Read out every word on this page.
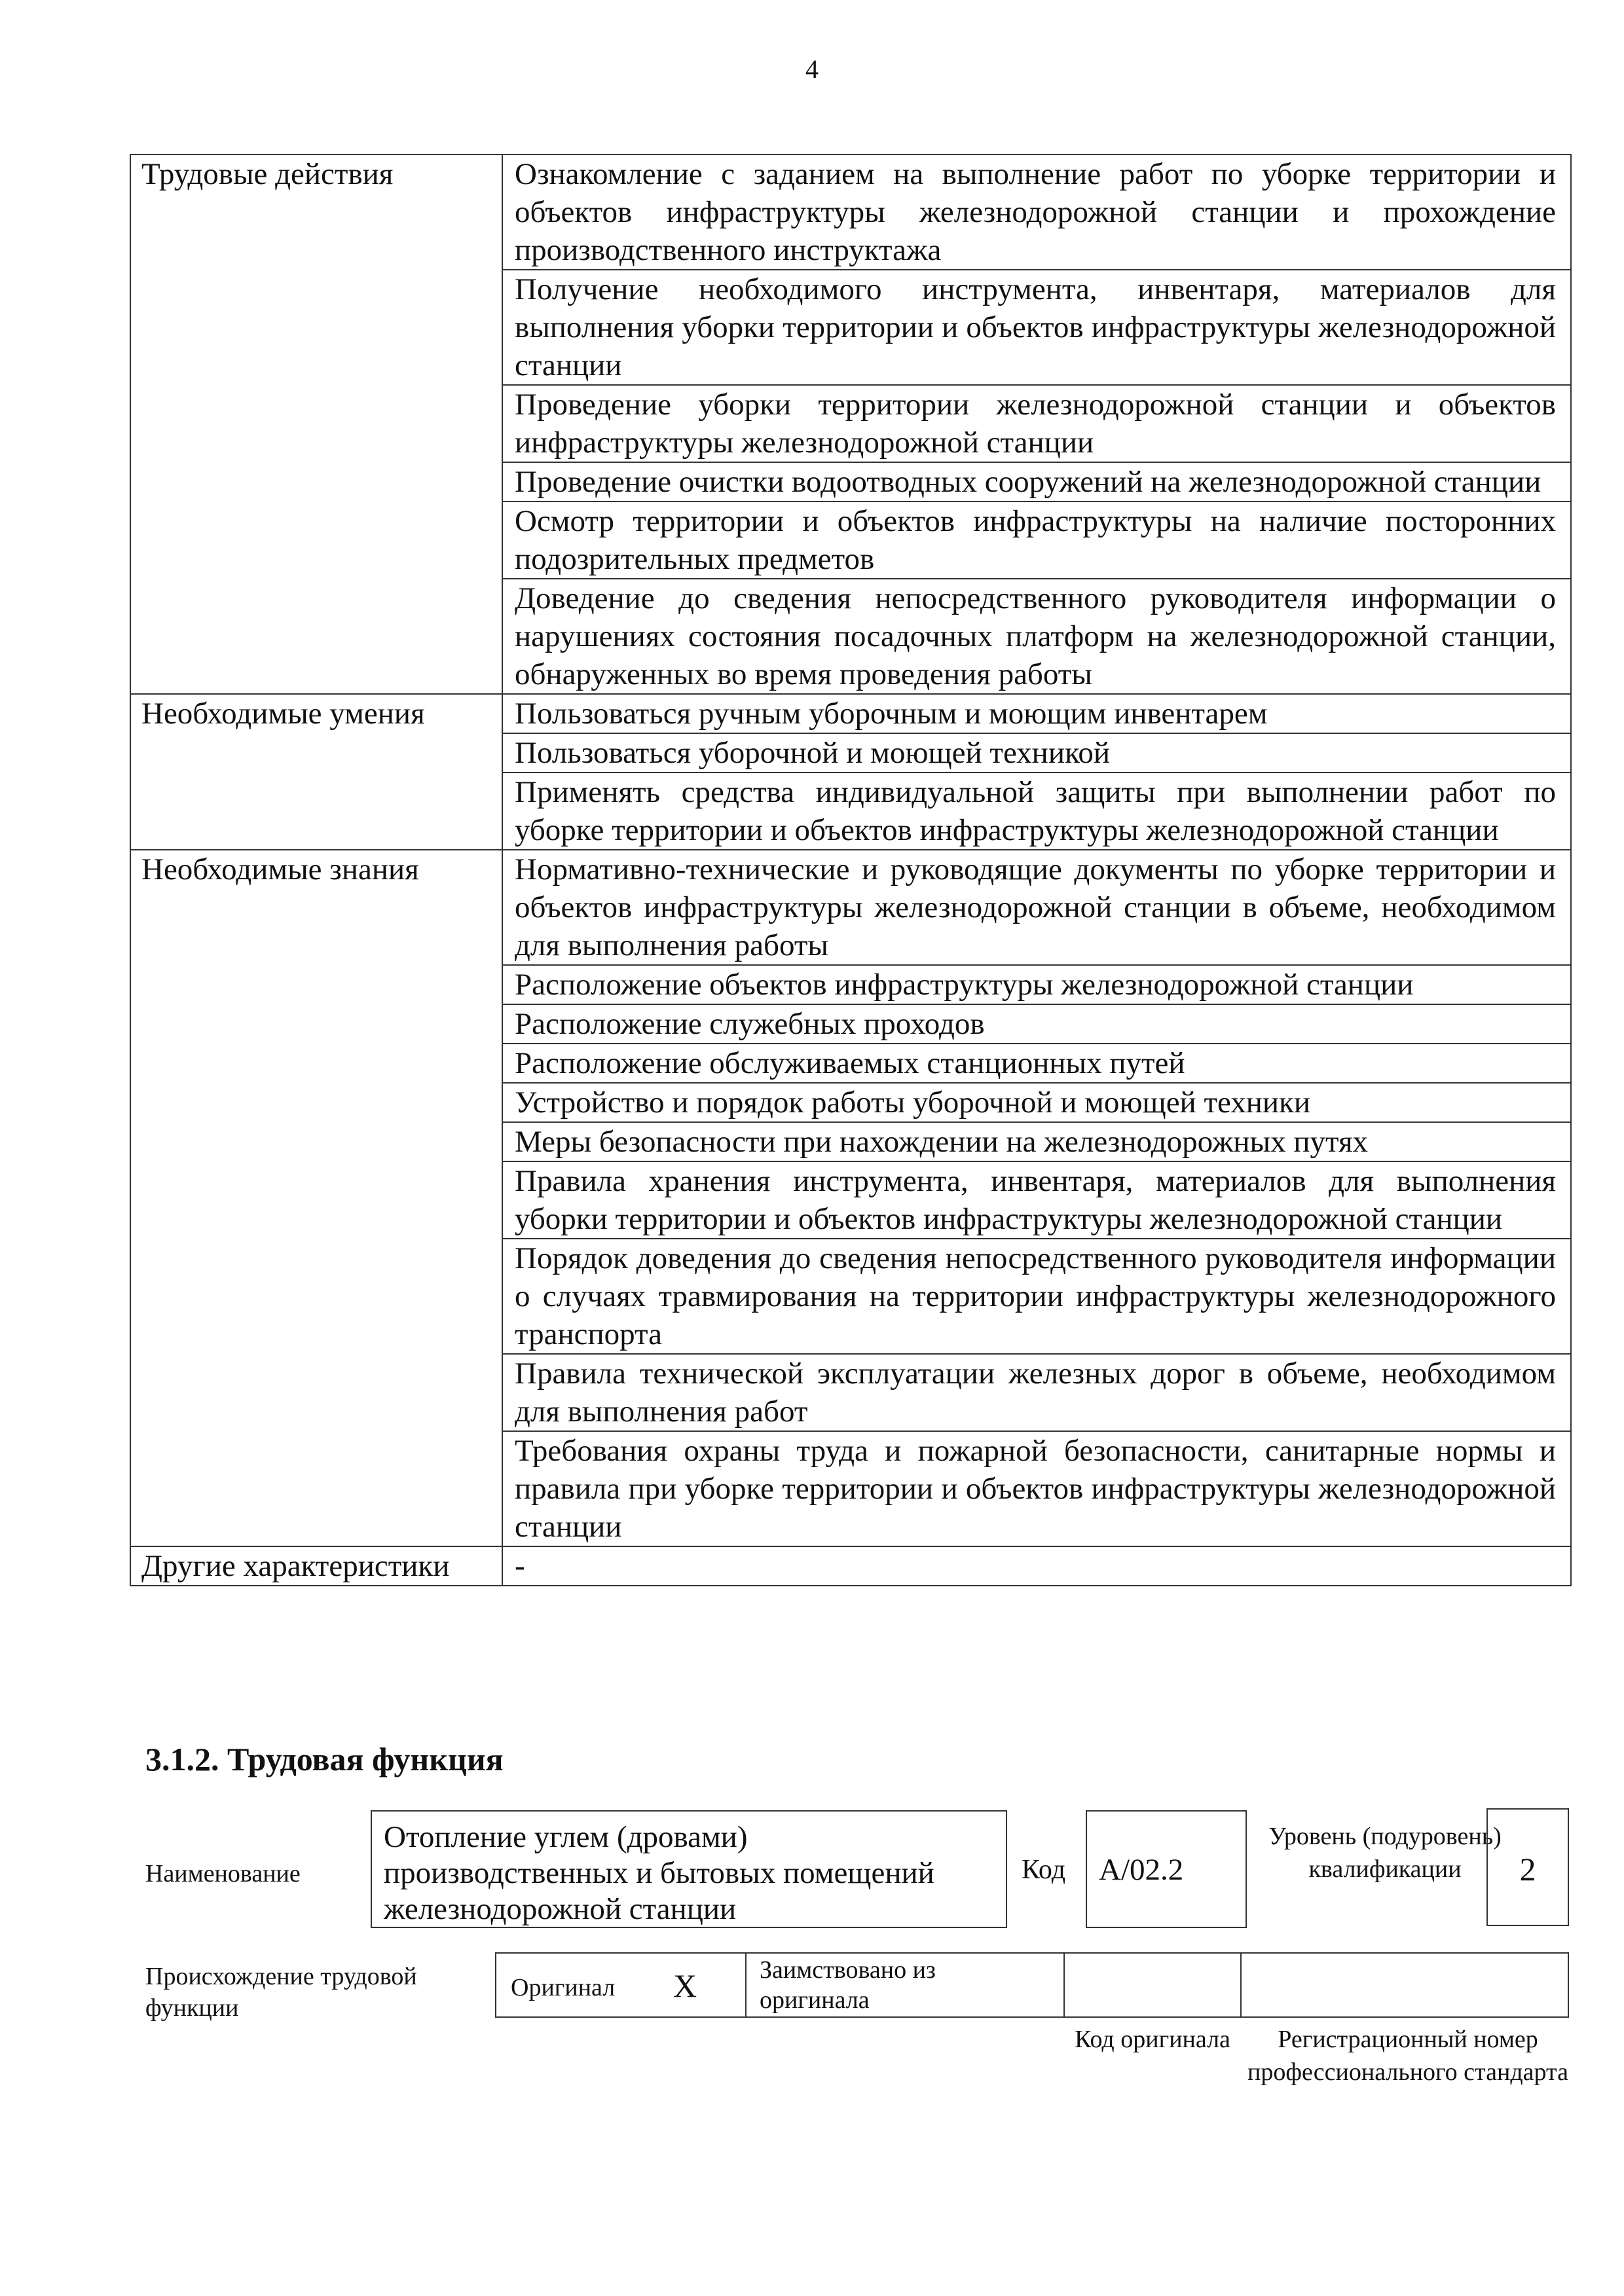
4
Трудовые действия	Ознакомление с заданием на выполнение работ по уборке территории и объектов инфраструктуры железнодорожной станции и прохождение производственного инструктажа
	Получение необходимого инструмента, инвентаря, материалов для выполнения уборки территории и объектов инфраструктуры железнодорожной станции
	Проведение уборки территории железнодорожной станции и объектов инфраструктуры железнодорожной станции
	Проведение очистки водоотводных сооружений на железнодорожной станции
	Осмотр территории и объектов инфраструктуры на наличие посторонних подозрительных предметов
	Доведение до сведения непосредственного руководителя информации о нарушениях состояния посадочных платформ на железнодорожной станции, обнаруженных во время проведения работы
Необходимые умения	Пользоваться ручным уборочным и моющим инвентарем
	Пользоваться уборочной и моющей техникой
	Применять средства индивидуальной защиты при выполнении работ по уборке территории и объектов инфраструктуры железнодорожной станции
Необходимые знания	Нормативно-технические и руководящие документы по уборке территории и объектов инфраструктуры железнодорожной станции в объеме, необходимом для выполнения работы
	Расположение объектов инфраструктуры железнодорожной станции
	Расположение служебных проходов
	Расположение обслуживаемых станционных путей
	Устройство и порядок работы уборочной и моющей техники
	Меры безопасности при нахождении на железнодорожных путях
	Правила хранения инструмента, инвентаря, материалов для выполнения уборки территории и объектов инфраструктуры железнодорожной станции
	Порядок доведения до сведения непосредственного руководителя информации о случаях травмирования на территории инфраструктуры железнодорожного транспорта
	Правила технической эксплуатации железных дорог в объеме, необходимом для выполнения работ
	Требования охраны труда и пожарной безопасности, санитарные нормы и правила при уборке территории и объектов инфраструктуры железнодорожной станции
Другие характеристики	-
3.1.2. Трудовая функция
Наименование
Отопление углем (дровами) производственных и бытовых помещений железнодорожной станции
Код А/02.2
Уровень (подуровень) квалификации	2
Происхождение трудовой функции
Оригинал X	Заимствовано из оригинала
Код оригинала	Регистрационный номер профессионального стандарта
